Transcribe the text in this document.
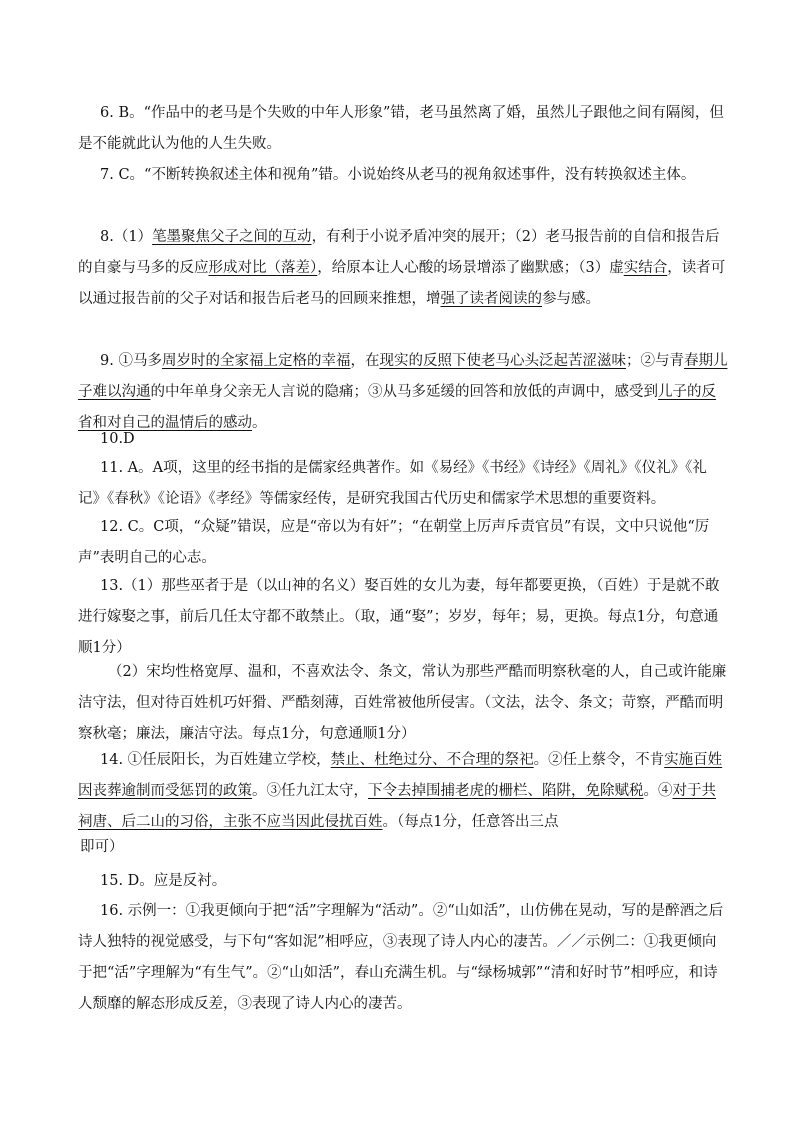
6. B。“作品中的老马是个失败的中年人形象”错，老马虽然离了婚，虽然儿子跟他之间有隔阂，但是不能就此认为他的人生失败。

7. C。“不断转换叙述主体和视角”错。小说始终从老马的视角叙述事件，没有转换叙述主体。

8.（1）笔墨聚焦父子之间的互动，有利于小说矛盾冲突的展开；（2）老马报告前的自信和报告后的自豪与马多的反应形成对比（落差），给原本让人心酸的场景增添了幽默感；（3）虚实结合，读者可以通过报告前的父子对话和报告后老马的回顾来推想，增强了读者阅读的参与感。

9. ①马多周岁时的全家福上定格的幸福，在现实的反照下使老马心头泛起苦涩滋味；②与青春期儿子难以沟通的中年单身父亲无人言说的隐痛；③从马多延缓的回答和放低的声调中，感受到儿子的反省和对自己的温情后的感动。

10.D

11. A。A项，这里的经书指的是儒家经典著作。如《易经》《书经》《诗经》《周礼》《仪礼》《礼记》《春秋》《论语》《孝经》等儒家经传，是研究我国古代历史和儒家学术思想的重要资料。

12. C。C项，“众疑”错误，应是“帝以为有奸”；“在朝堂上厉声斥责官员”有误，文中只说他“厉声”表明自己的心志。

13.（1）那些巫者于是（以山神的名义）娶百姓的女儿为妻，每年都要更换，（百姓）于是就不敢进行嫁娶之事，前后几任太守都不敢禁止。（取，通“娶”；岁岁，每年；易，更换。每点1分，句意通顺1分）

（2）宋均性格宽厚、温和，不喜欢法令、条文，常认为那些严酷而明察秋毫的人，自己或许能廉洁守法，但对待百姓机巧奸猾、严酷刻薄，百姓常被他所侵害。（文法，法令、条文；苛察，严酷而明察秋毫；廉法，廉洁守法。每点1分，句意通顺1分）

14. ①任辰阳长，为百姓建立学校，禁止、杜绝过分、不合理的祭祀。②任上蔡令，不肯实施百姓因丧葬逾制而受惩罚的政策。③任九江太守，下令去掉围捕老虎的栅栏、陷阱，免除赋税。④对于共祠唐、后二山的习俗，主张不应当因此侵扰百姓。（每点1分，任意答出三点

即可）

15. D。应是反衬。

16. 示例一：①我更倾向于把“活”字理解为“活动”。②“山如活”，山仿佛在晃动，写的是醉酒之后诗人独特的视觉感受，与下句“客如泥”相呼应，③表现了诗人内心的凄苦。／／示例二：①我更倾向于把“活”字理解为“有生气”。②“山如活”，春山充满生机。与“绿杨城郭”“清和好时节”相呼应，和诗人颓靡的解态形成反差，③表现了诗人内心的凄苦。
